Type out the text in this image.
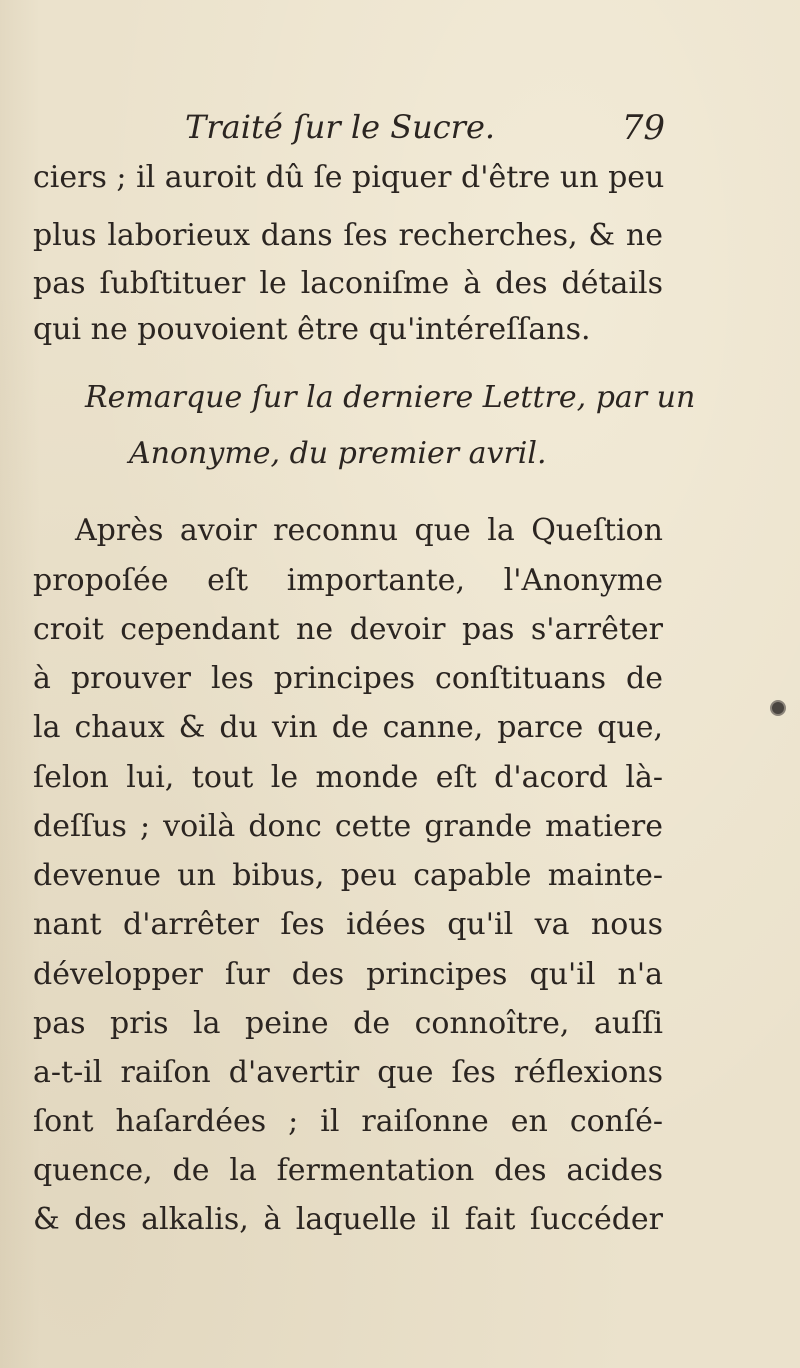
Traité ſur le Sucre.	79
ciers ; il auroit dû ſe piquer d'être un peu
plus laborieux dans ſes recherches, & ne
pas ſubſtituer le laconiſme à des détails
qui ne pouvoient être qu'intéreſſans.
Remarque ſur la derniere Lettre, par un
Anonyme, du premier avril.
Après avoir reconnu que la Queſtion
propoſée eſt importante, l'Anonyme
croit cependant ne devoir pas s'arrêter
à prouver les principes conſtituans de
la chaux & du vin de canne, parce que,
ſelon lui, tout le monde eſt d'acord là-
deſſus ; voilà donc cette grande matiere
devenue un bibus, peu capable mainte-
nant d'arrêter ſes idées qu'il va nous
développer ſur des principes qu'il n'a
pas pris la peine de connoître, auſſi
a-t-il raiſon d'avertir que ſes réflexions
ſont haſardées ; il raiſonne en conſé-
quence, de la fermentation des acides
& des alkalis, à laquelle il fait ſuccéder
